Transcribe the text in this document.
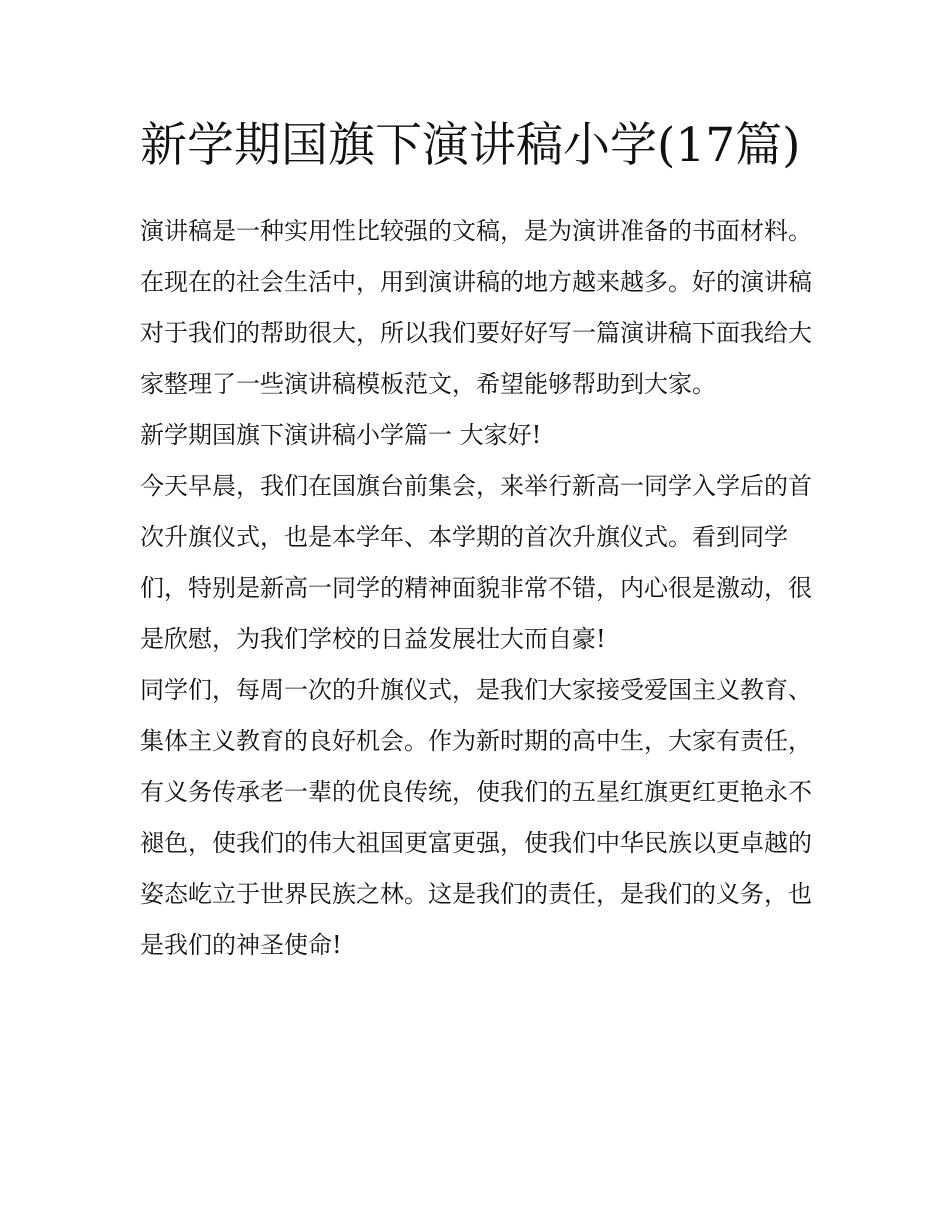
新学期国旗下演讲稿小学(17篇)

演讲稿是一种实用性比较强的文稿，是为演讲准备的书面材料。在现在的社会生活中，用到演讲稿的地方越来越多。好的演讲稿对于我们的帮助很大，所以我们要好好写一篇演讲稿下面我给大家整理了一些演讲稿模板范文，希望能够帮助到大家。

新学期国旗下演讲稿小学篇一 大家好!

今天早晨，我们在国旗台前集会，来举行新高一同学入学后的首次升旗仪式，也是本学年、本学期的首次升旗仪式。看到同学们，特别是新高一同学的精神面貌非常不错，内心很是激动，很是欣慰，为我们学校的日益发展壮大而自豪!

同学们，每周一次的升旗仪式，是我们大家接受爱国主义教育、集体主义教育的良好机会。作为新时期的高中生，大家有责任，有义务传承老一辈的优良传统，使我们的五星红旗更红更艳永不褪色，使我们的伟大祖国更富更强，使我们中华民族以更卓越的姿态屹立于世界民族之林。这是我们的责任，是我们的义务，也是我们的神圣使命!
